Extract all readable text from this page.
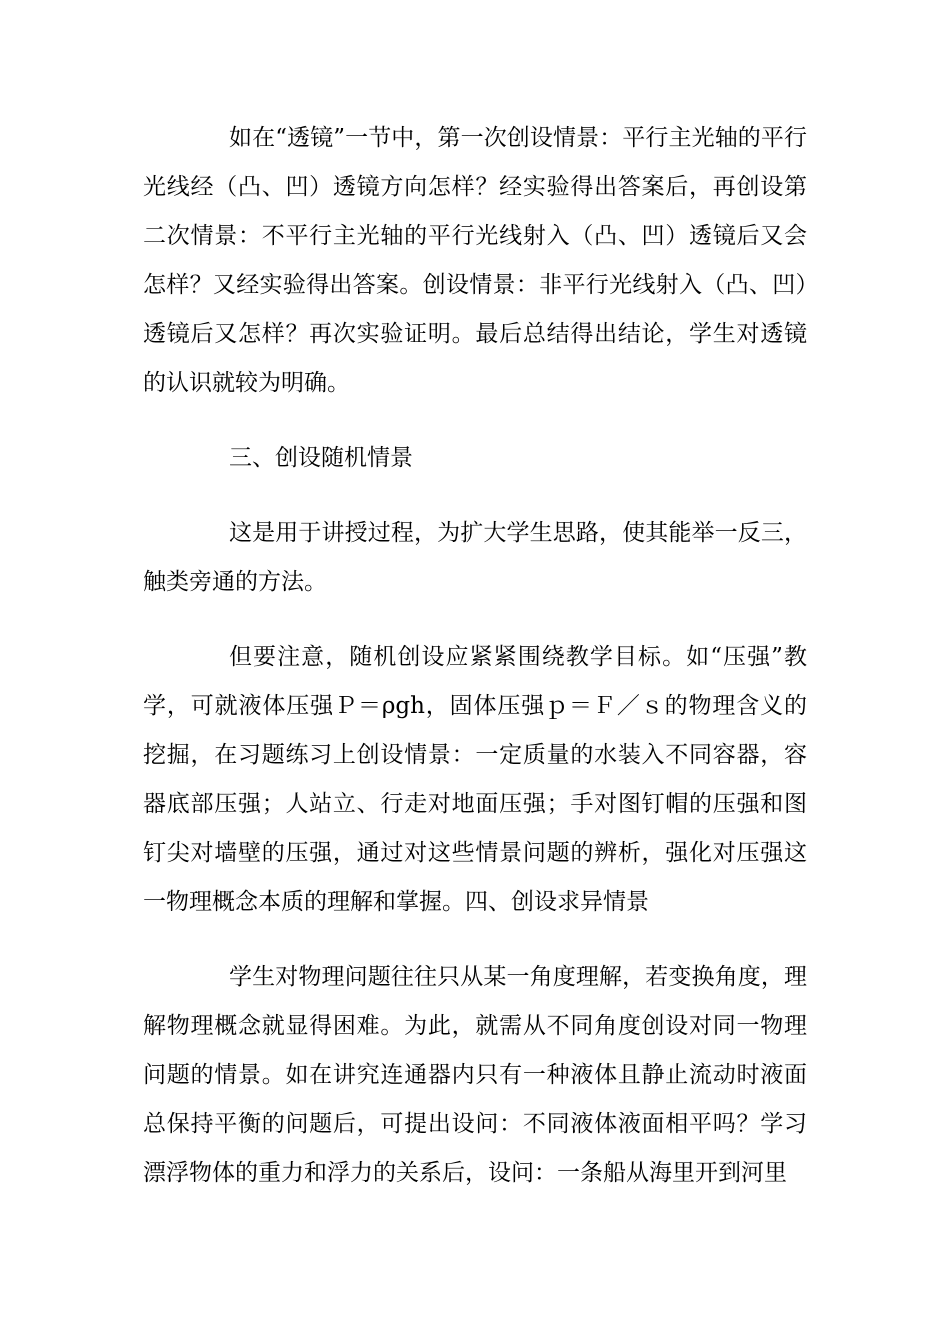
如在“透镜”一节中，第一次创设情景：平行主光轴的平行光线经（凸、凹）透镜方向怎样？经实验得出答案后，再创设第二次情景：不平行主光轴的平行光线射入（凸、凹）透镜后又会怎样？又经实验得出答案。创设情景：非平行光线射入（凸、凹）透镜后又怎样？再次实验证明。最后总结得出结论，学生对透镜的认识就较为明确。

三、创设随机情景

这是用于讲授过程，为扩大学生思路，使其能举一反三，触类旁通的方法。

但要注意，随机创设应紧紧围绕教学目标。如“压强”教学，可就液体压强Ｐ＝ρgh，固体压强ｐ＝Ｆ／ｓ的物理含义的挖掘，在习题练习上创设情景：一定质量的水装入不同容器，容器底部压强；人站立、行走对地面压强；手对图钉帽的压强和图钉尖对墙壁的压强，通过对这些情景问题的辨析，强化对压强这一物理概念本质的理解和掌握。四、创设求异情景

学生对物理问题往往只从某一角度理解，若变换角度，理解物理概念就显得困难。为此，就需从不同角度创设对同一物理问题的情景。如在讲究连通器内只有一种液体且静止流动时液面总保持平衡的问题后，可提出设问：不同液体液面相平吗？学习漂浮物体的重力和浮力的关系后，设问：一条船从海里开到河里
